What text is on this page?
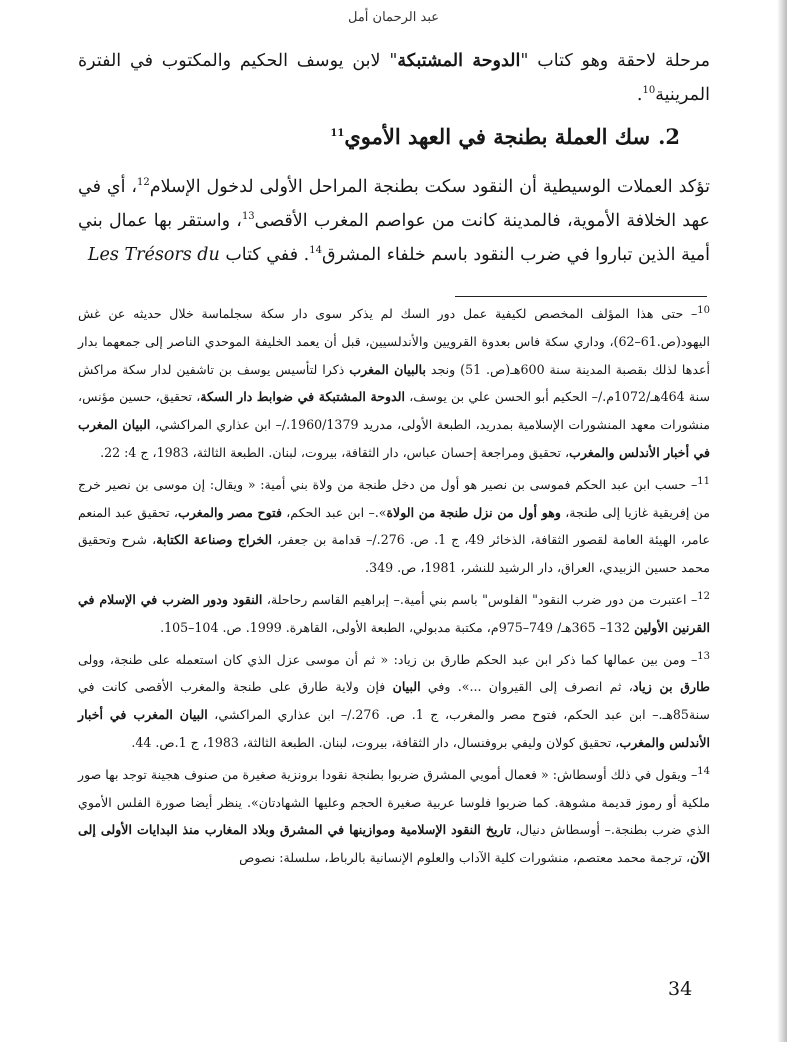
عبد الرحمان أمل
مرحلة لاحقة وهو كتاب "الدوحة المشتبكة" لابن يوسف الحكيم والمكتوب في الفترة المرينية$^{10}$.
2.سك العملة بطنجة في العهد الأموي$^{11}$
تؤكد العملات الوسيطية أن النقود سكت بطنجة المراحل الأولى لدخول الإسلام$^{12}$، أي في عهد الخلافة الأموية، فالمدينة كانت من عواصم المغرب الأقصى$^{13}$، واستقر بها عمال بني أمية الذين تباروا في ضرب النقود باسم خلفاء المشرق$^{14}$. ففي كتاب Les Trésors du

$^{10}$– حتى هذا المؤلف المخصص لكيفية عمل دور السك لم يذكر سوى دار سكة سجلماسة خلال حديثه عن غش اليهود(ص.61–62)، وداري سكة فاس بعدوة القرويين والأندلسيين، قبل أن يعمد الخليفة الموحدي الناصر إلى جمعهما بدار أعدها لذلك بقصبة المدينة سنة 600هـ(ص. 51) ونجد بالبيان المغرب ذكرا لتأسيس يوسف بن تاشفين لدار سكة مراكش سنة 464هـ/1072م./– الحكيم أبو الحسن علي بن يوسف، الدوحة المشتبكة في ضوابط دار السكة، تحقيق، حسين مؤنس، منشورات معهد المنشورات الإسلامية بمدريد، الطبعة الأولى، مدريد 1960/1379./– ابن عذاري المراكشي، البيان المغرب في أخبار الأندلس والمغرب، تحقيق ومراجعة إحسان عباس، دار الثقافة، بيروت، لبنان. الطبعة الثالثة، 1983، ج 4: 22.

$^{11}$– حسب ابن عبد الحكم فموسى بن نصير هو أول من دخل طنجة من ولاة بني أمية: « ويقال: إن موسى بن نصير خرج من إفريقية غازيا إلى طنجة، وهو أول من نزل طنجة من الولاة».– ابن عبد الحكم، فتوح مصر والمغرب، تحقيق عبد المنعم عامر، الهيئة العامة لقصور الثقافة، الذخائر 49، ج 1. ص. 276./– قدامة بن جعفر، الخراج وصناعة الكتابة، شرح وتحقيق محمد حسين الزبيدي، العراق، دار الرشيد للنشر، 1981، ص. 349.

$^{12}$– اعتبرت من دور ضرب النقود" الفلوس" باسم بني أمية.– إبراهيم القاسم رحاحلة، النقود ودور الضرب في الإسلام في القرنين الأولين 132– 365هـ/ 749–975م، مكتبة مدبولي، الطبعة الأولى، القاهرة. 1999. ص. 104–105.

$^{13}$– ومن بين عمالها كما ذكر ابن عبد الحكم طارق بن زياد: « ثم أن موسى عزل الذي كان استعمله على طنجة، وولى طارق بن زياد، ثم انصرف إلى القيروان ...». وفي البيان فإن ولاية طارق على طنجة والمغرب الأقصى كانت في سنة85هـ.– ابن عبد الحكم، فتوح مصر والمغرب، ج 1. ص. 276./– ابن عذاري المراكشي، البيان المغرب في أخبار الأندلس والمغرب، تحقيق كولان وليفي بروفنسال، دار الثقافة، بيروت، لبنان. الطبعة الثالثة، 1983، ج 1.ص. 44.

$^{14}$– ويقول في ذلك أوسطاش: « فعمال أمويي المشرق ضربوا بطنجة نقودا برونزية صغيرة من صنوف هجينة توجد بها صور ملكية أو رموز قديمة مشوهة. كما ضربوا فلوسا عربية صغيرة الحجم وعليها الشهادتان». ينظر أيضا صورة الفلس الأموي الذي ضرب بطنجة.– أوسطاش دنيال، تاريخ النقود الإسلامية وموازينها في المشرق وبلاد المغارب منذ البدايات الأولى إلى الآن، ترجمة محمد معتصم، منشورات كلية الآداب والعلوم الإنسانية بالرباط، سلسلة: نصوص

34
